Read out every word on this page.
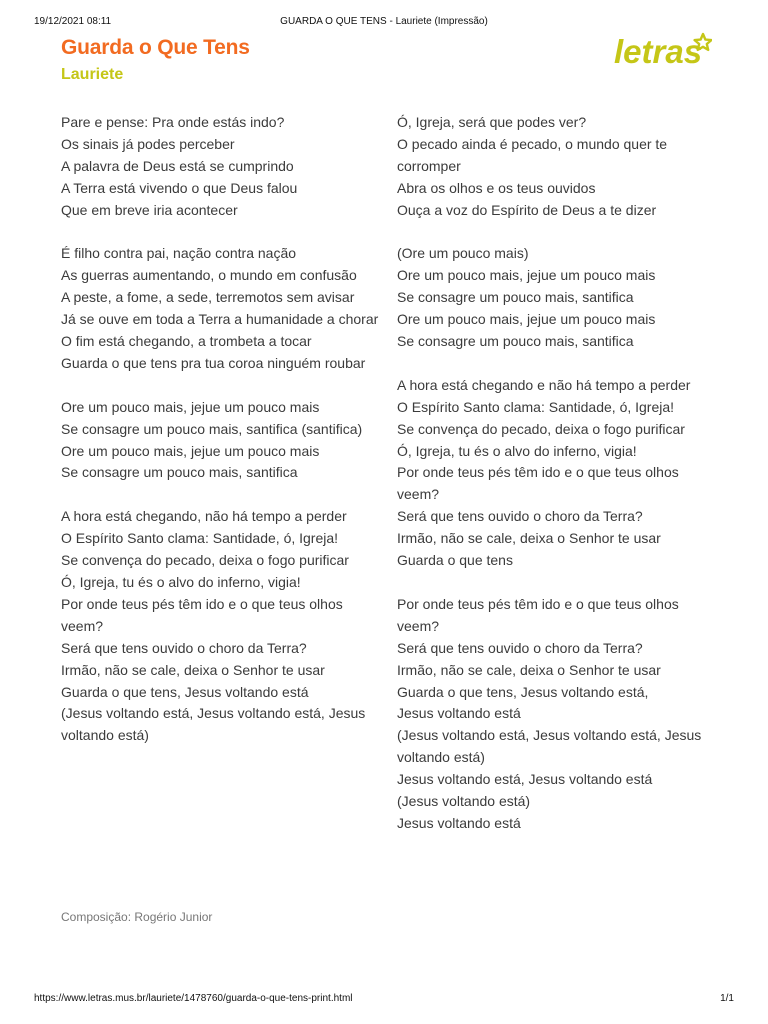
19/12/2021 08:11	GUARDA O QUE TENS - Lauriete (Impressão)
Guarda o Que Tens
Lauriete
letras

Pare e pense: Pra onde estás indo?
Os sinais já podes perceber
A palavra de Deus está se cumprindo
A Terra está vivendo o que Deus falou
Que em breve iria acontecer

É filho contra pai, nação contra nação
As guerras aumentando, o mundo em confusão
A peste, a fome, a sede, terremotos sem avisar
Já se ouve em toda a Terra a humanidade a chorar
O fim está chegando, a trombeta a tocar
Guarda o que tens pra tua coroa ninguém roubar

Ore um pouco mais, jejue um pouco mais
Se consagre um pouco mais, santifica (santifica)
Ore um pouco mais, jejue um pouco mais
Se consagre um pouco mais, santifica

A hora está chegando, não há tempo a perder
O Espírito Santo clama: Santidade, ó, Igreja!
Se convença do pecado, deixa o fogo purificar
Ó, Igreja, tu és o alvo do inferno, vigia!
Por onde teus pés têm ido e o que teus olhos veem?
Será que tens ouvido o choro da Terra?
Irmão, não se cale, deixa o Senhor te usar
Guarda o que tens, Jesus voltando está
(Jesus voltando está, Jesus voltando está, Jesus voltando está)

Ó, Igreja, será que podes ver?
O pecado ainda é pecado, o mundo quer te corromper
Abra os olhos e os teus ouvidos
Ouça a voz do Espírito de Deus a te dizer

(Ore um pouco mais)
Ore um pouco mais, jejue um pouco mais
Se consagre um pouco mais, santifica
Ore um pouco mais, jejue um pouco mais
Se consagre um pouco mais, santifica

A hora está chegando e não há tempo a perder
O Espírito Santo clama: Santidade, ó, Igreja!
Se convença do pecado, deixa o fogo purificar
Ó, Igreja, tu és o alvo do inferno, vigia!
Por onde teus pés têm ido e o que teus olhos veem?
Será que tens ouvido o choro da Terra?
Irmão, não se cale, deixa o Senhor te usar
Guarda o que tens

Por onde teus pés têm ido e o que teus olhos veem?
Será que tens ouvido o choro da Terra?
Irmão, não se cale, deixa o Senhor te usar
Guarda o que tens, Jesus voltando está,
Jesus voltando está
(Jesus voltando está, Jesus voltando está, Jesus voltando está)
Jesus voltando está, Jesus voltando está
(Jesus voltando está)
Jesus voltando está

Composição: Rogério Junior
https://www.letras.mus.br/lauriete/1478760/guarda-o-que-tens-print.html	1/1
